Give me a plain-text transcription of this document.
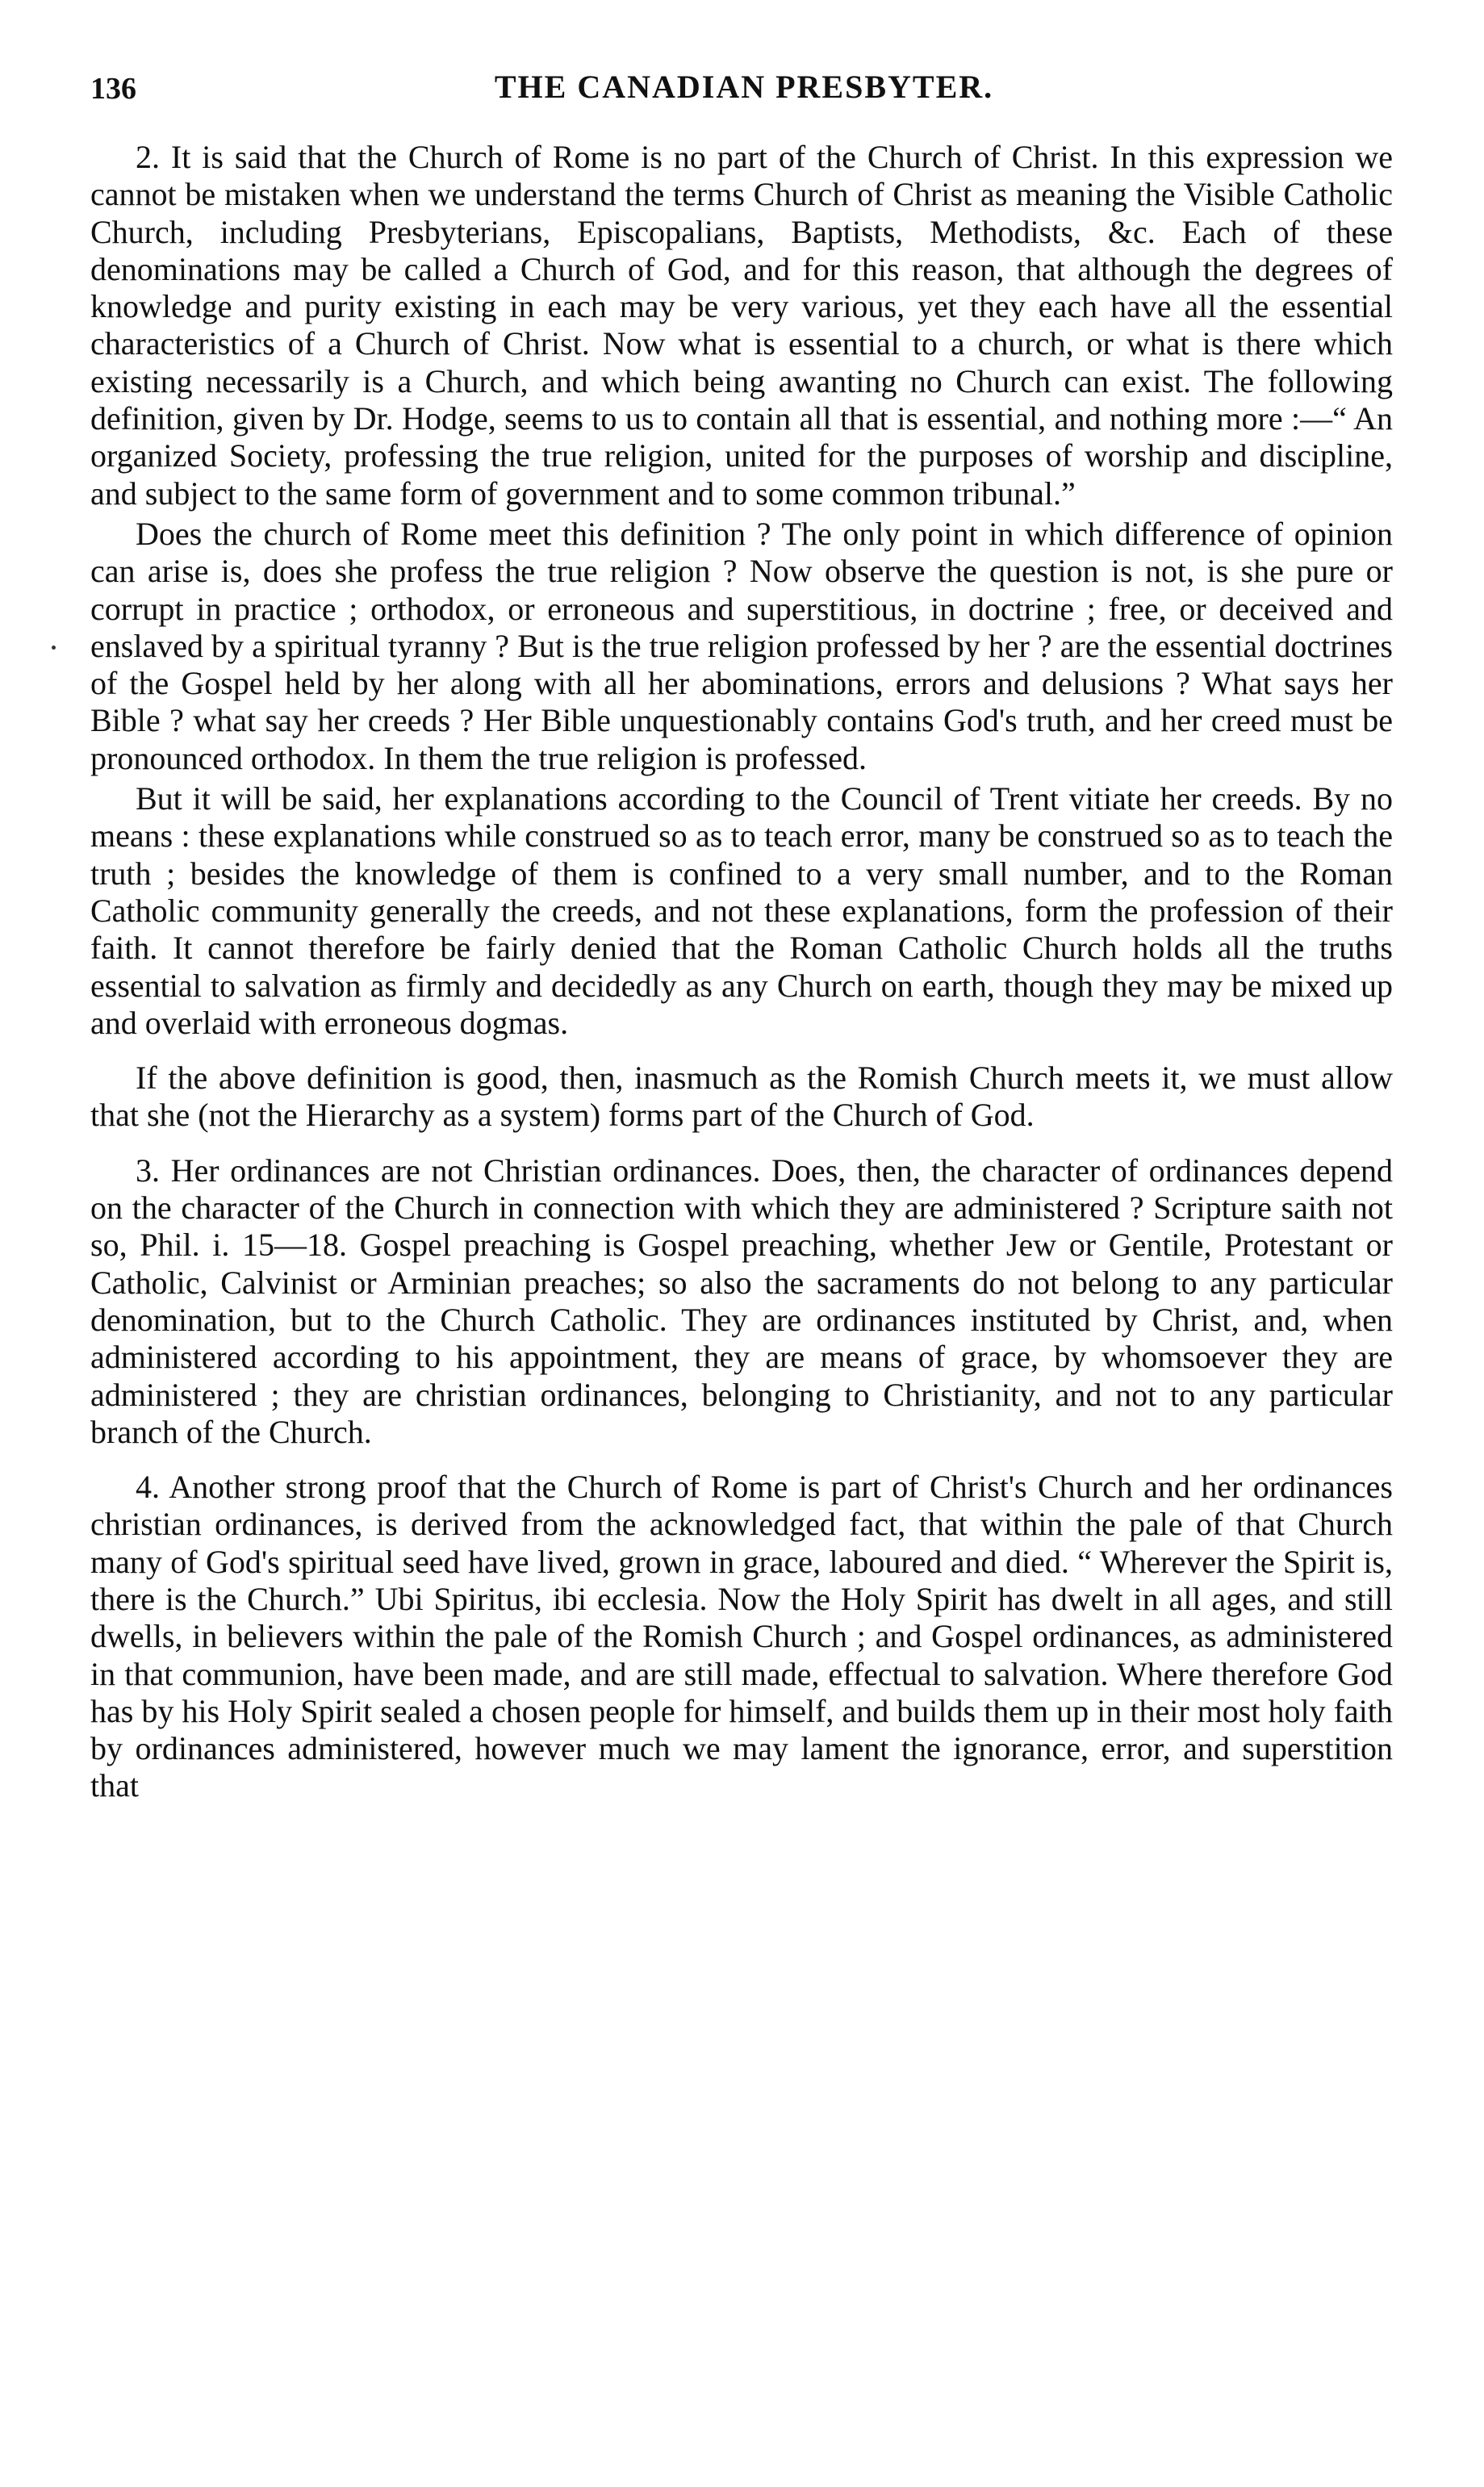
136	THE CANADIAN PRESBYTER.

2. It is said that the Church of Rome is no part of the Church of Christ. In this expression we cannot be mistaken when we understand the terms Church of Christ as meaning the Visible Catholic Church, including Presbyterians, Episcopalians, Baptists, Methodists, &c. Each of these denominations may be called a Church of God, and for this reason, that although the degrees of knowledge and purity existing in each may be very various, yet they each have all the essential characteristics of a Church of Christ. Now what is essential to a church, or what is there which existing necessarily is a Church, and which being awanting no Church can exist. The following definition, given by Dr. Hodge, seems to us to contain all that is essential, and nothing more :—“ An organized Society, professing the true religion, united for the purposes of worship and discipline, and subject to the same form of government and to some common tribunal.”

Does the church of Rome meet this definition ? The only point in which difference of opinion can arise is, does she profess the true religion ? Now observe the question is not, is she pure or corrupt in practice ; orthodox, or erroneous and superstitious, in doctrine ; free, or deceived and enslaved by a spiritual tyranny ? But is the true religion professed by her ? are the essential doctrines of the Gospel held by her along with all her abominations, errors and delusions ? What says her Bible ? what say her creeds ? Her Bible unquestionably contains God's truth, and her creed must be pronounced orthodox. In them the true religion is professed.

But it will be said, her explanations according to the Council of Trent vitiate her creeds. By no means : these explanations while construed so as to teach error, many be construed so as to teach the truth ; besides the knowledge of them is confined to a very small number, and to the Roman Catholic community generally the creeds, and not these explanations, form the profession of their faith. It cannot therefore be fairly denied that the Roman Catholic Church holds all the truths essential to salvation as firmly and decidedly as any Church on earth, though they may be mixed up and overlaid with erroneous dogmas.

If the above definition is good, then, inasmuch as the Romish Church meets it, we must allow that she (not the Hierarchy as a system) forms part of the Church of God.

3. Her ordinances are not Christian ordinances. Does, then, the character of ordinances depend on the character of the Church in connection with which they are administered ? Scripture saith not so, Phil. i. 15—18. Gospel preaching is Gospel preaching, whether Jew or Gentile, Protestant or Catholic, Calvinist or Arminian preaches; so also the sacraments do not belong to any particular denomination, but to the Church Catholic. They are ordinances instituted by Christ, and, when administered according to his appointment, they are means of grace, by whomsoever they are administered ; they are christian ordinances, belonging to Christianity, and not to any particular branch of the Church.

4. Another strong proof that the Church of Rome is part of Christ's Church and her ordinances christian ordinances, is derived from the acknowledged fact, that within the pale of that Church many of God's spiritual seed have lived, grown in grace, laboured and died. “ Wherever the Spirit is, there is the Church.” Ubi Spiritus, ibi ecclesia. Now the Holy Spirit has dwelt in all ages, and still dwells, in believers within the pale of the Romish Church ; and Gospel ordinances, as administered in that communion, have been made, and are still made, effectual to salvation. Where therefore God has by his Holy Spirit sealed a chosen people for himself, and builds them up in their most holy faith by ordinances administered, however much we may lament the ignorance, error, and superstition that
